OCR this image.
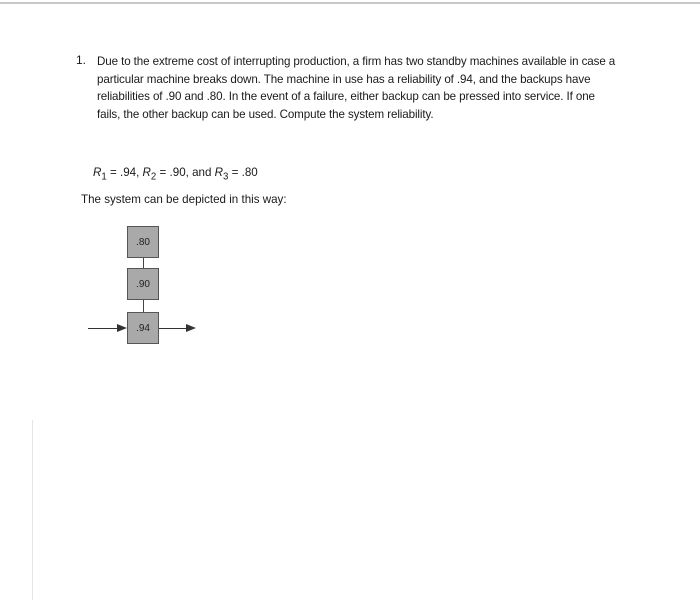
1. Due to the extreme cost of interrupting production, a firm has two standby machines available in case a particular machine breaks down. The machine in use has a reliability of .94, and the backups have reliabilities of .90 and .80. In the event of a failure, either backup can be pressed into service. If one fails, the other backup can be used. Compute the system reliability.
$R_1 = .94$, $R_2 = .90$, and $R_3 = .80$
The system can be depicted in this way:
.80
.90
.94
